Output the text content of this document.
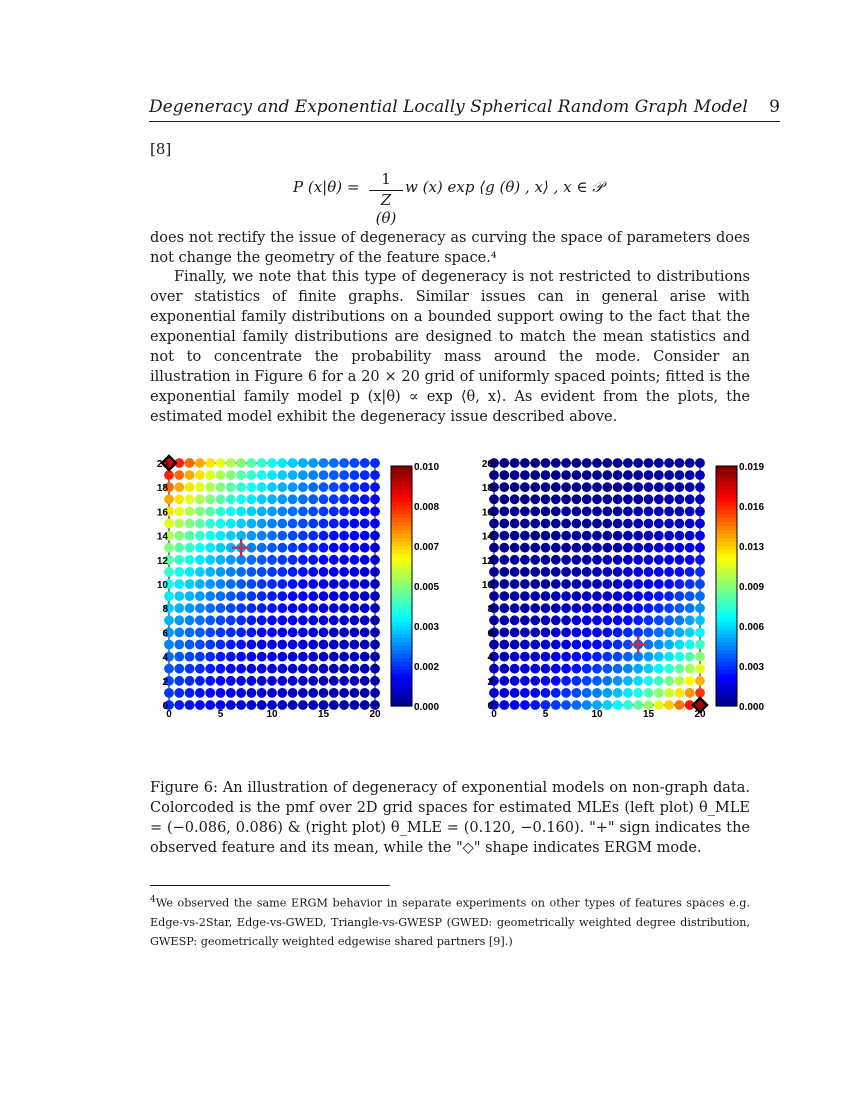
Degeneracy and Exponential Locally Spherical Random Graph Model 9
[8]
P $(x|\theta) = \frac{1}{Z (\theta)}$ w (x) exp ⟨g (θ) , x⟩ , x ∈ 𝒫

does not rectify the issue of degeneracy as curving the space of parameters does not change the geometry of the feature space.⁴

Finally, we note that this type of degeneracy is not restricted to distributions over statistics of finite graphs. Similar issues can in general arise with exponential family distributions on a bounded support owing to the fact that the exponential family distributions are designed to match the mean statistics and not to concentrate the probability mass around the mode. Consider an illustration in Figure 6 for a 20 × 20 grid of uniformly spaced points; fitted is the exponential family model p (x|θ) ∝ exp ⟨θ, x⟩. As evident from the plots, the estimated model exhibit the degeneracy issue described above.

0	5	10	15	20
0
2
4
6
8
10
12
14
16
18
20	0.010
0.008
0.007
0.005
0.003
0.002
0.000
0	5	10	15	20
0
2
4
6
8
10
12
14
16
18
20	0.019
0.016
0.013
0.009
0.006
0.003
0.000

Figure 6: An illustration of degeneracy of exponential models on non-graph data. Colorcoded is the pmf over 2D grid spaces for estimated MLEs (left plot) θ_MLE = (−0.086, 0.086) & (right plot) θ_MLE = (0.120, −0.160). "+" sign indicates the observed feature and its mean, while the "◇" shape indicates ERGM mode.

$^4$We observed the same ERGM behavior in separate experiments on other types of features spaces e.g. Edge-vs-2Star, Edge-vs-GWED, Triangle-vs-GWESP (GWED: geometrically weighted degree distribution, GWESP: geometrically weighted edgewise shared partners [9].)
